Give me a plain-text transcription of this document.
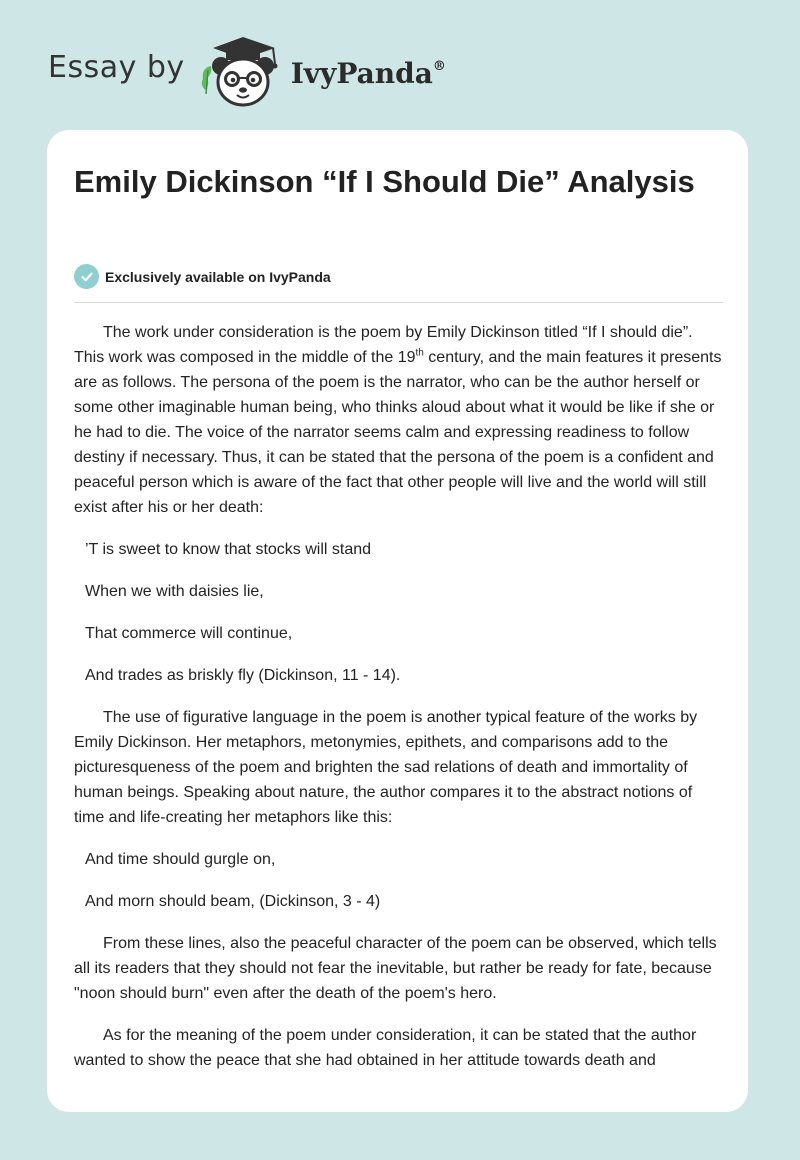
Essay by	IvyPanda®
Emily Dickinson “If I Should Die” Analysis
Exclusively available on IvyPanda

The work under consideration is the poem by Emily Dickinson titled “If I should die”. This work was composed in the middle of the 19th century, and the main features it presents are as follows. The persona of the poem is the narrator, who can be the author herself or some other imaginable human being, who thinks aloud about what it would be like if she or he had to die. The voice of the narrator seems calm and expressing readiness to follow destiny if necessary. Thus, it can be stated that the persona of the poem is a confident and peaceful person which is aware of the fact that other people will live and the world will still exist after his or her death:

’T is sweet to know that stocks will stand

When we with daisies lie,

That commerce will continue,

And trades as briskly fly (Dickinson, 11 - 14).

The use of figurative language in the poem is another typical feature of the works by Emily Dickinson. Her metaphors, metonymies, epithets, and comparisons add to the picturesqueness of the poem and brighten the sad relations of death and immortality of human beings. Speaking about nature, the author compares it to the abstract notions of time and life-creating her metaphors like this:

And time should gurgle on,

And morn should beam, (Dickinson, 3 - 4)

From these lines, also the peaceful character of the poem can be observed, which tells all its readers that they should not fear the inevitable, but rather be ready for fate, because "noon should burn" even after the death of the poem's hero.

As for the meaning of the poem under consideration, it can be stated that the author wanted to show the peace that she had obtained in her attitude towards death and
